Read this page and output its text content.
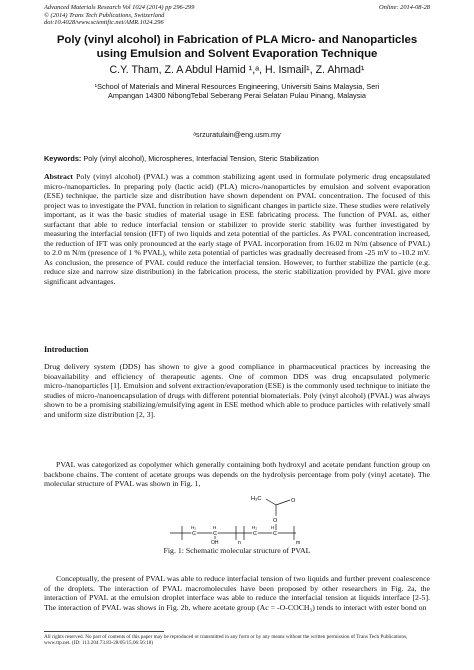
Advanced Materials Research Vol 1024 (2014) pp 296-299
© (2014) Trans Tech Publications, Switzerland
doi:10.4028/www.scientific.net/AMR.1024.296
Online: 2014-08-28
Poly (vinyl alcohol) in Fabrication of PLA Micro- and Nanoparticles
using Emulsion and Solvent Evaporation Technique
C.Y. Tham, Z. A Abdul Hamid ¹,ᵃ, H. Ismail¹, Z. Ahmad¹
¹School of Materials and Mineral Resources Engineering, Universiti Sains Malaysia, Seri
Ampangan 14300 NibongTebal Seberang Perai Selatan Pulau Pinang, Malaysia
ᵃsrzuratulain@eng.usm.my
Keywords: Poly (vinyl alcohol), Microspheres, Interfacial Tension, Steric Stabilization
Abstract Poly (vinyl alcohol) (PVAL) was a common stabilizing agent used in formulate polymeric drug encapsulated micro-/nanoparticles. In preparing poly (lactic acid) (PLA) micro-/nanoparticles by emulsion and solvent evaporation (ESE) technique, the particle size and distribution have shown dependent on PVAL concentration. The focused of this project was to investigate the PVAL function in relation to significant changes in particle size. These studies were relatively important, as it was the basic studies of material usage in ESE fabricating process. The function of PVAL as, either surfactant that able to reduce interfacial tension or stabilizer to provide steric stability was further investigated by measuring the interfacial tension (IFT) of two liquids and zeta potential of the particles. As PVAL concentration increased, the reduction of IFT was only pronounced at the early stage of PVAL incorporation from 16.02 m N/m (absence of PVAL) to 2.0 m N/m (presence of 1 % PVAL), while zeta potential of particles was gradually decreased from -25 mV to -10.2 mV. As conclusion, the presence of PVAL could reduce the interfacial tension. However, to further stabilize the particle (e.g. reduce size and narrow size distribution) in the fabrication process, the steric stabilization provided by PVAL give more significant advantages.
Introduction
Drug delivery system (DDS) has shown to give a good compliance in pharmaceutical practices by increasing the bioavailability and efficiency of therapeutic agents. One of common DDS was drug encapsulated polymeric micro-/nanoparticles [1]. Emulsion and solvent extraction/evaporation (ESE) is the commonly used technique to initiate the studies of micro-/nanoencapsulation of drugs with different potential biomaterials. Poly (vinyl alcohol) (PVAL) was always shown to be a promising stabilizing/emulsifying agent in ESE method which able to produce particles with relatively small and uniform size distribution [2, 3].
PVAL was categorized as copolymer which generally containing both hydroxyl and acetate pendant function group on backbone chains. The content of acetate groups was depends on the hydrolysis percentage from poly (vinyl acetate). The molecular structure of PVAL was shown in Fig. 1,
H₃C	O
O
H₂
C
H
C
OH	n
H₂
C
H
C
m
Fig. 1: Schematic molecular structure of PVAL
Conceptually, the present of PVAL was able to reduce interfacial tension of two liquids and further prevent coalescence of the droplets. The interaction of PVAL macromolecules have been proposed by other researchers in Fig. 2a, the interaction of PVAL at the emulsion droplet interface was able to reduce the interfacial tension at liquids interface [2-5]. The interaction of PVAL was shows in Fig. 2b, where acetate group (Ac = -O-COCH₃) tends to interact with ester bond on
All rights reserved. No part of contents of this paper may be reproduced or transmitted in any form or by any means without the written permission of Trans Tech Publications, www.ttp.net. (ID: 113.204.73.83-28/05/15,06:56:18)
